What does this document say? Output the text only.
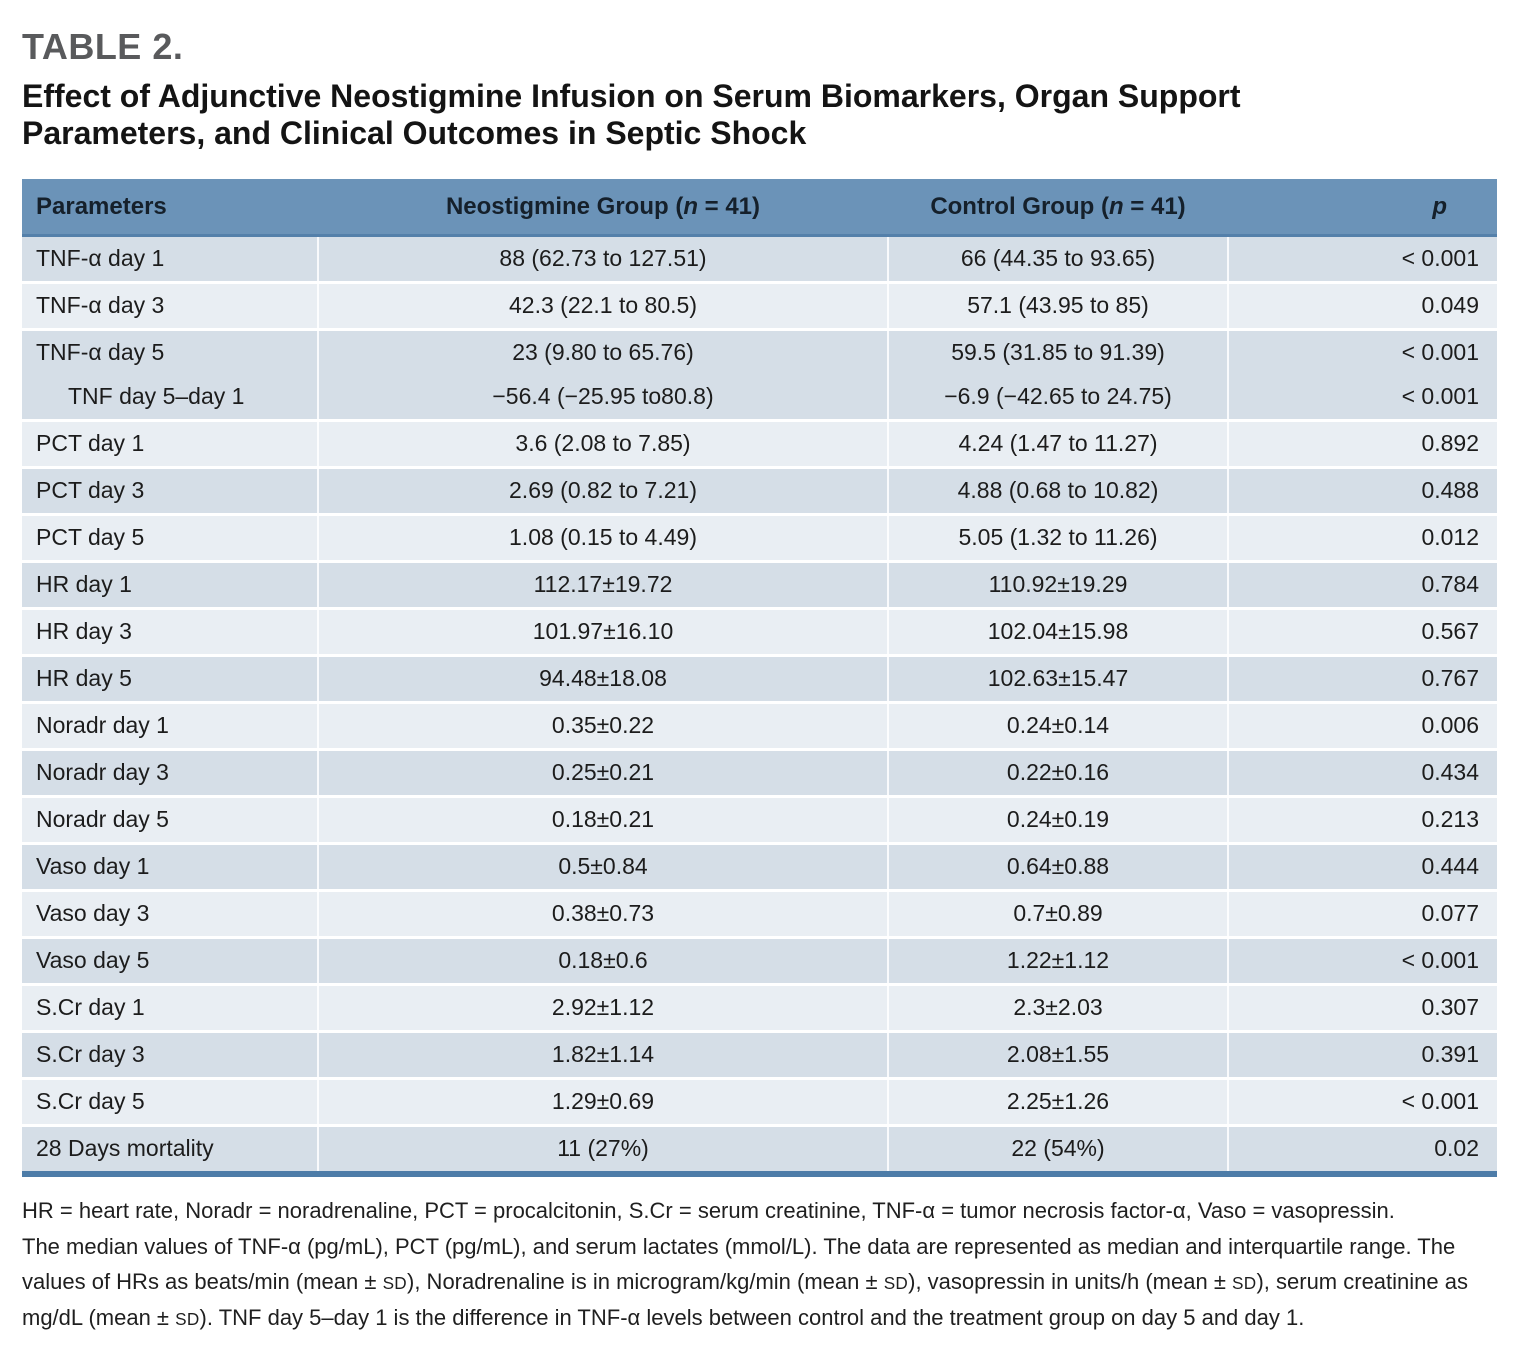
TABLE 2.
Effect of Adjunctive Neostigmine Infusion on Serum Biomarkers, Organ Support
Parameters, and Clinical Outcomes in Septic Shock
Parameters	Neostigmine Group (n = 41)	Control Group (n = 41)	p
TNF-α day 1	88 (62.73 to 127.51)	66 (44.35 to 93.65)	< 0.001
TNF-α day 3	42.3 (22.1 to 80.5)	57.1 (43.95 to 85)	0.049
TNF-α day 5	23 (9.80 to 65.76)	59.5 (31.85 to 91.39)	< 0.001
TNF day 5–day 1	−56.4 (−25.95 to80.8)	−6.9 (−42.65 to 24.75)	< 0.001
PCT day 1	3.6 (2.08 to 7.85)	4.24 (1.47 to 11.27)	0.892
PCT day 3	2.69 (0.82 to 7.21)	4.88 (0.68 to 10.82)	0.488
PCT day 5	1.08 (0.15 to 4.49)	5.05 (1.32 to 11.26)	0.012
HR day 1	112.17±19.72	110.92±19.29	0.784
HR day 3	101.97±16.10	102.04±15.98	0.567
HR day 5	94.48±18.08	102.63±15.47	0.767
Noradr day 1	0.35±0.22	0.24±0.14	0.006
Noradr day 3	0.25±0.21	0.22±0.16	0.434
Noradr day 5	0.18±0.21	0.24±0.19	0.213
Vaso day 1	0.5±0.84	0.64±0.88	0.444
Vaso day 3	0.38±0.73	0.7±0.89	0.077
Vaso day 5	0.18±0.6	1.22±1.12	< 0.001
S.Cr day 1	2.92±1.12	2.3±2.03	0.307
S.Cr day 3	1.82±1.14	2.08±1.55	0.391
S.Cr day 5	1.29±0.69	2.25±1.26	< 0.001
28 Days mortality	11 (27%)	22 (54%)	0.02

HR = heart rate, Noradr = noradrenaline, PCT = procalcitonin, S.Cr = serum creatinine, TNF-α = tumor necrosis factor-α, Vaso = vasopressin.

The median values of TNF-α (pg/mL), PCT (pg/mL), and serum lactates (mmol/L). The data are represented as median and interquartile range. The values of HRs as beats/min (mean ± SD), Noradrenaline is in microgram/kg/min (mean ± SD), vasopressin in units/h (mean ± SD), serum creatinine as mg/dL (mean ± SD). TNF day 5–day 1 is the difference in TNF-α levels between control and the treatment group on day 5 and day 1.
